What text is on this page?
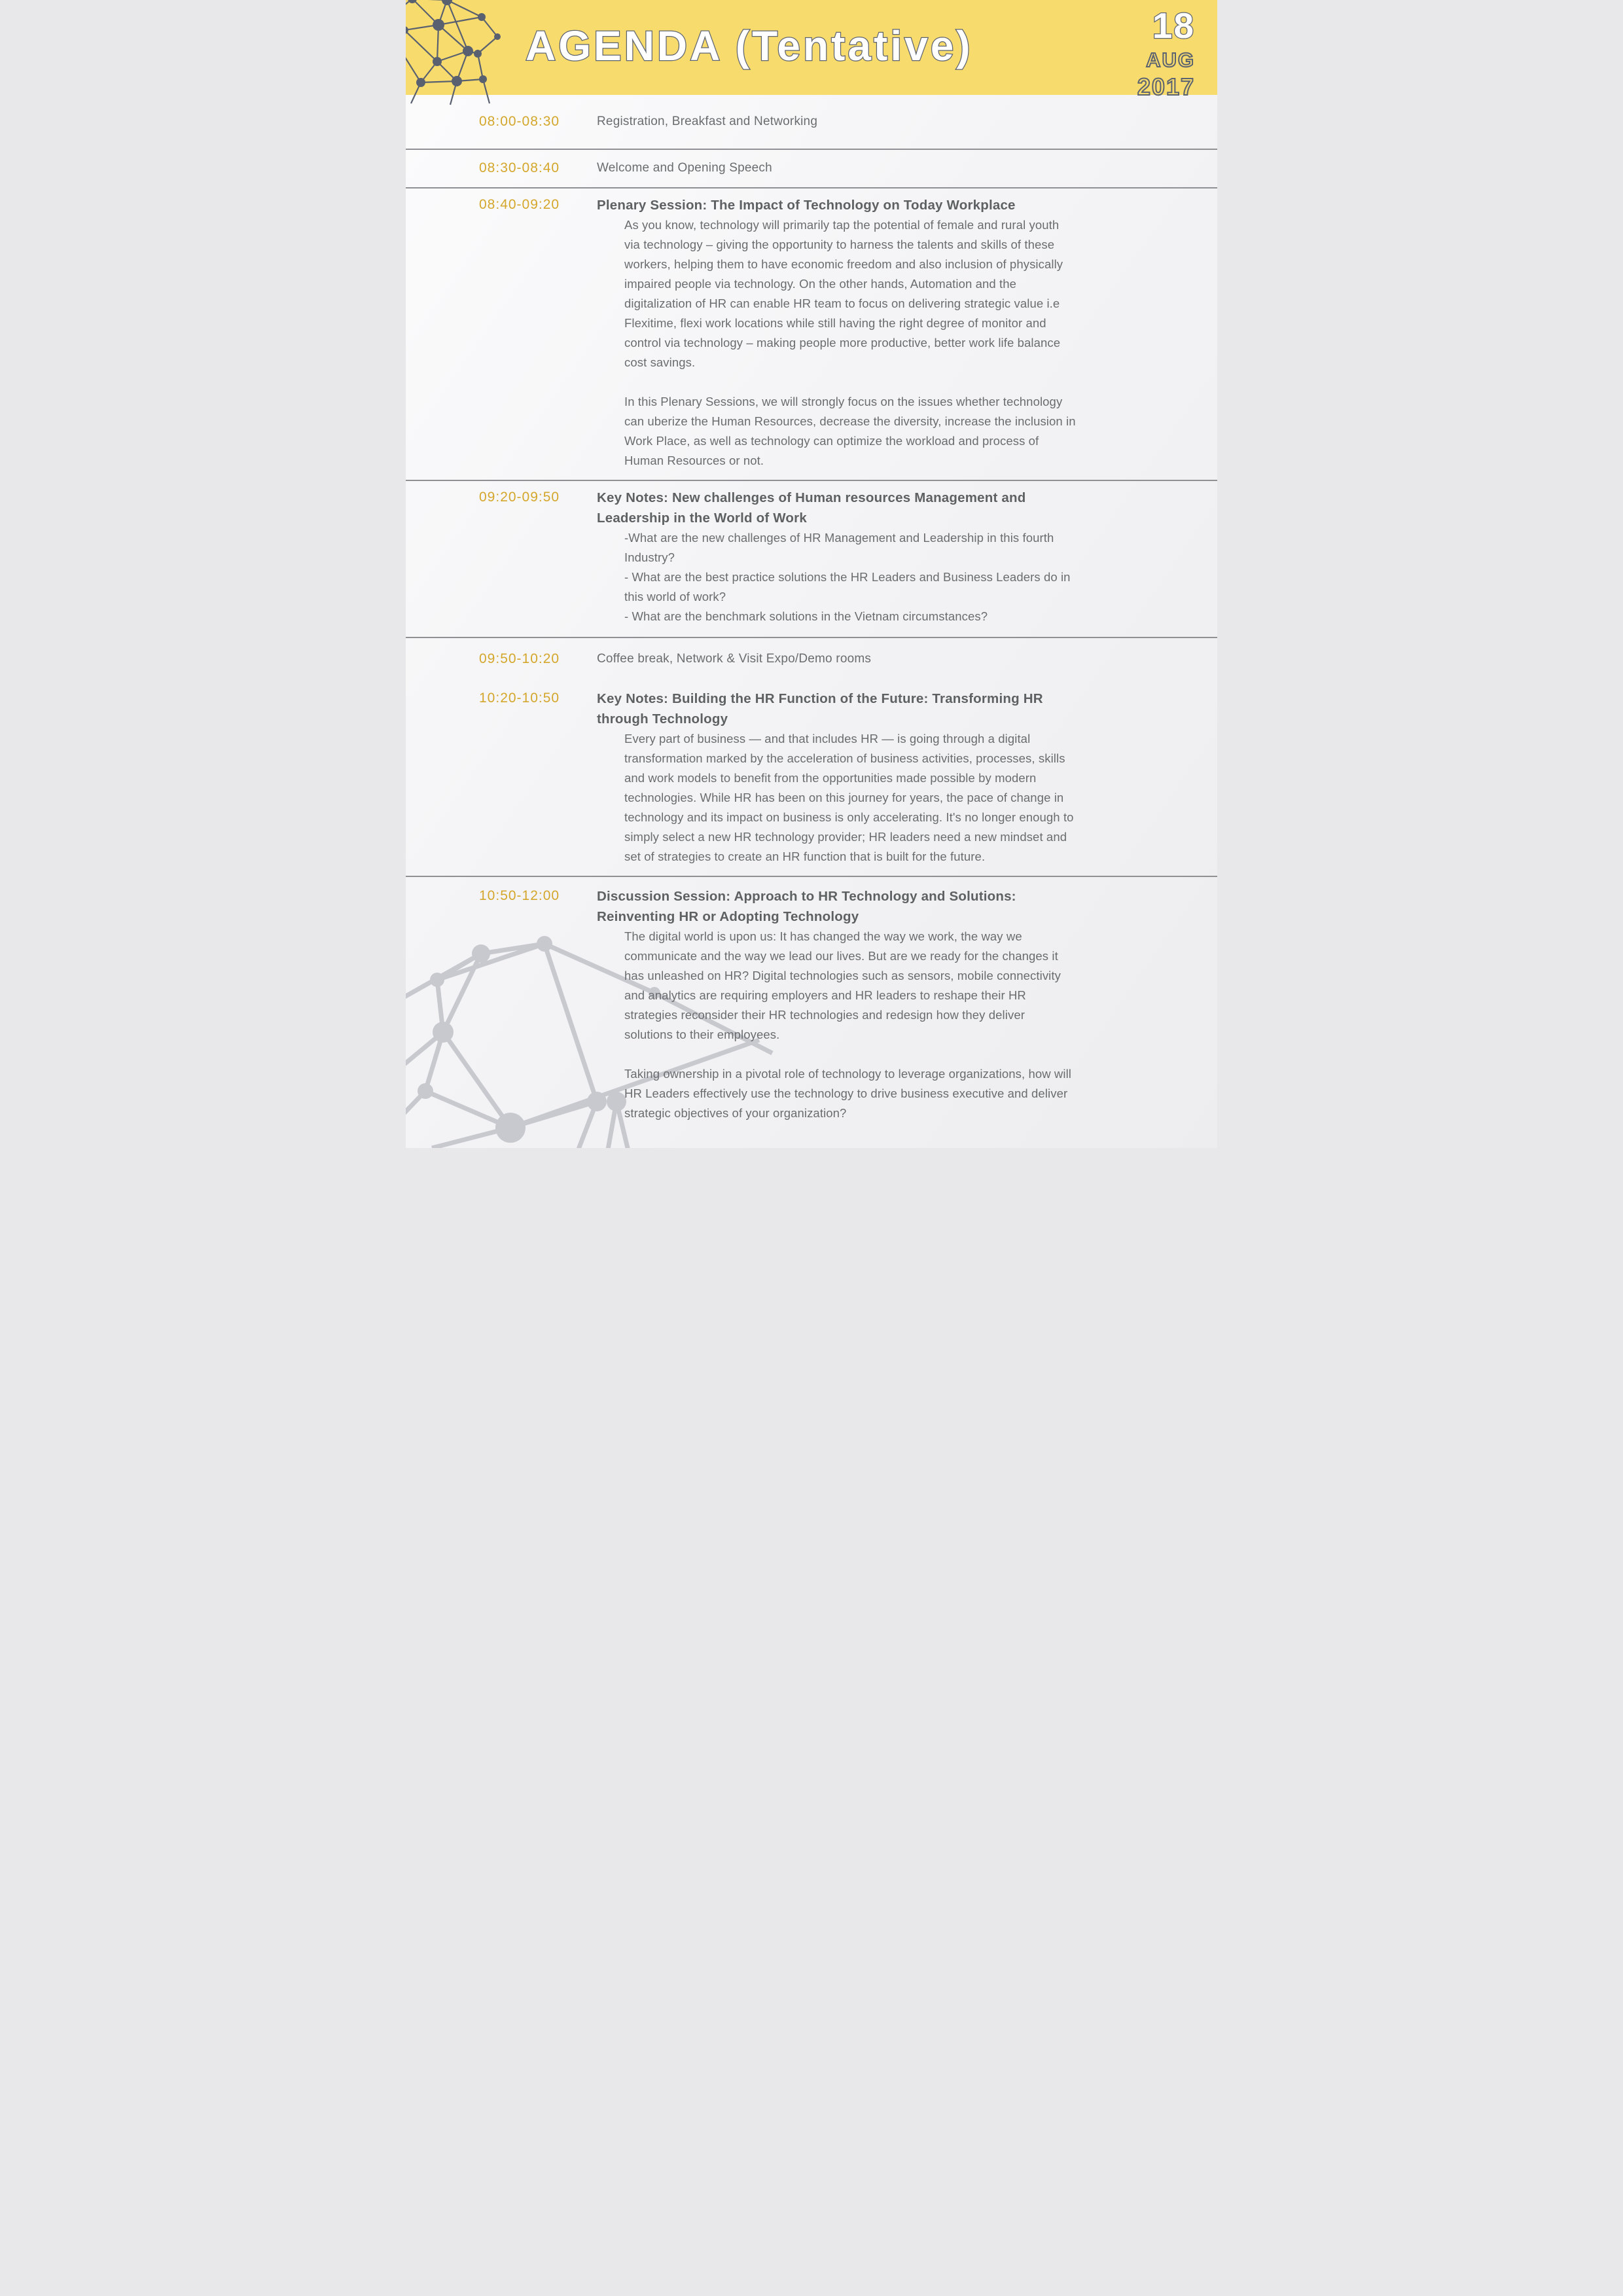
AGENDA (Tentative)	18
AUG
2017
08:00-08:30	Registration, Breakfast and Networking
08:30-08:40	Welcome and Opening Speech
08:40-09:20	Plenary Session: The Impact of Technology on Today Workplace

As you know, technology will primarily tap the potential of female and rural youth via technology – giving the opportunity to harness the talents and skills of these workers, helping them to have economic freedom and also inclusion of physically impaired people via technology. On the other hands, Automation and the digitalization of HR can enable HR team to focus on delivering strategic value i.e Flexitime, flexi work locations while still having the right degree of monitor and control via technology – making people more productive, better work life balance cost savings.

In this Plenary Sessions, we will strongly focus on the issues whether technology can uberize the Human Resources, decrease the diversity, increase the inclusion in Work Place, as well as technology can optimize the workload and process of Human Resources or not.

09:20-09:50	Key Notes: New challenges of Human resources Management and Leadership in the World of Work
-What are the new challenges of HR Management and Leadership in this fourth Industry?
- What are the best practice solutions the HR Leaders and Business Leaders do in this world of work?
- What are the benchmark solutions in the Vietnam circumstances?
09:50-10:20	Coffee break, Network & Visit Expo/Demo rooms
10:20-10:50	Key Notes: Building the HR Function of the Future: Transforming HR through Technology

Every part of business — and that includes HR — is going through a digital transformation marked by the acceleration of business activities, processes, skills and work models to benefit from the opportunities made possible by modern technologies. While HR has been on this journey for years, the pace of change in technology and its impact on business is only accelerating. It's no longer enough to simply select a new HR technology provider; HR leaders need a new mindset and set of strategies to create an HR function that is built for the future.

10:50-12:00	Discussion Session: Approach to HR Technology and Solutions: Reinventing HR or Adopting Technology

The digital world is upon us: It has changed the way we work, the way we communicate and the way we lead our lives. But are we ready for the changes it has unleashed on HR? Digital technologies such as sensors, mobile connectivity and analytics are requiring employers and HR leaders to reshape their HR strategies reconsider their HR technologies and redesign how they deliver solutions to their employees.

Taking ownership in a pivotal role of technology to leverage organizations, how will HR Leaders effectively use the technology to drive business executive and deliver strategic objectives of your organization?
